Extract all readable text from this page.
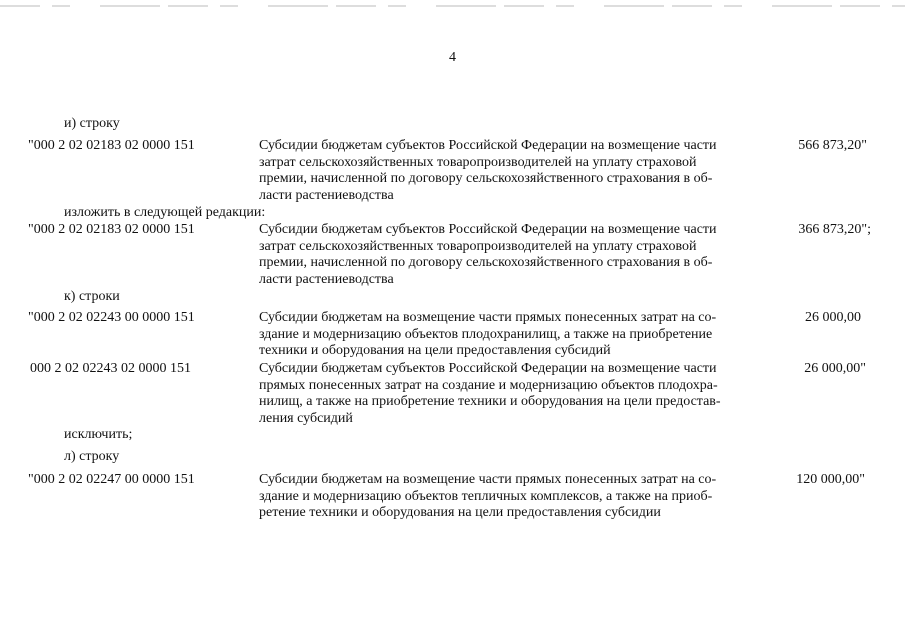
4
и) строку
"000 2 02 02183 02 0000 151	Субсидии бюджетам субъектов Российской Федерации на возмещение части
затрат сельскохозяйственных товаропроизводителей на уплату страховой
премии, начисленной по договору сельскохозяйственного страхования в об-
ласти растениеводства
566 873,20"
изложить в следующей редакции:
"000 2 02 02183 02 0000 151	Субсидии бюджетам субъектов Российской Федерации на возмещение части
затрат сельскохозяйственных товаропроизводителей на уплату страховой
премии, начисленной по договору сельскохозяйственного страхования в об-
ласти растениеводства
366 873,20";
к) строки
"000 2 02 02243 00 0000 151	Субсидии бюджетам на возмещение части прямых понесенных затрат на со-
здание и модернизацию объектов плодохранилищ, а также на приобретение
техники и оборудования на цели предоставления субсидий
26 000,00
000 2 02 02243 02 0000 151	Субсидии бюджетам субъектов Российской Федерации на возмещение части
прямых понесенных затрат на создание и модернизацию объектов плодохра-
нилищ, а также на приобретение техники и оборудования на цели предостав-
ления субсидий
26 000,00"
исключить;
л) строку
"000 2 02 02247 00 0000 151	Субсидии бюджетам на возмещение части прямых понесенных затрат на со-
здание и модернизацию объектов тепличных комплексов, а также на приоб-
ретение техники и оборудования на цели предоставления субсидии
120 000,00"
